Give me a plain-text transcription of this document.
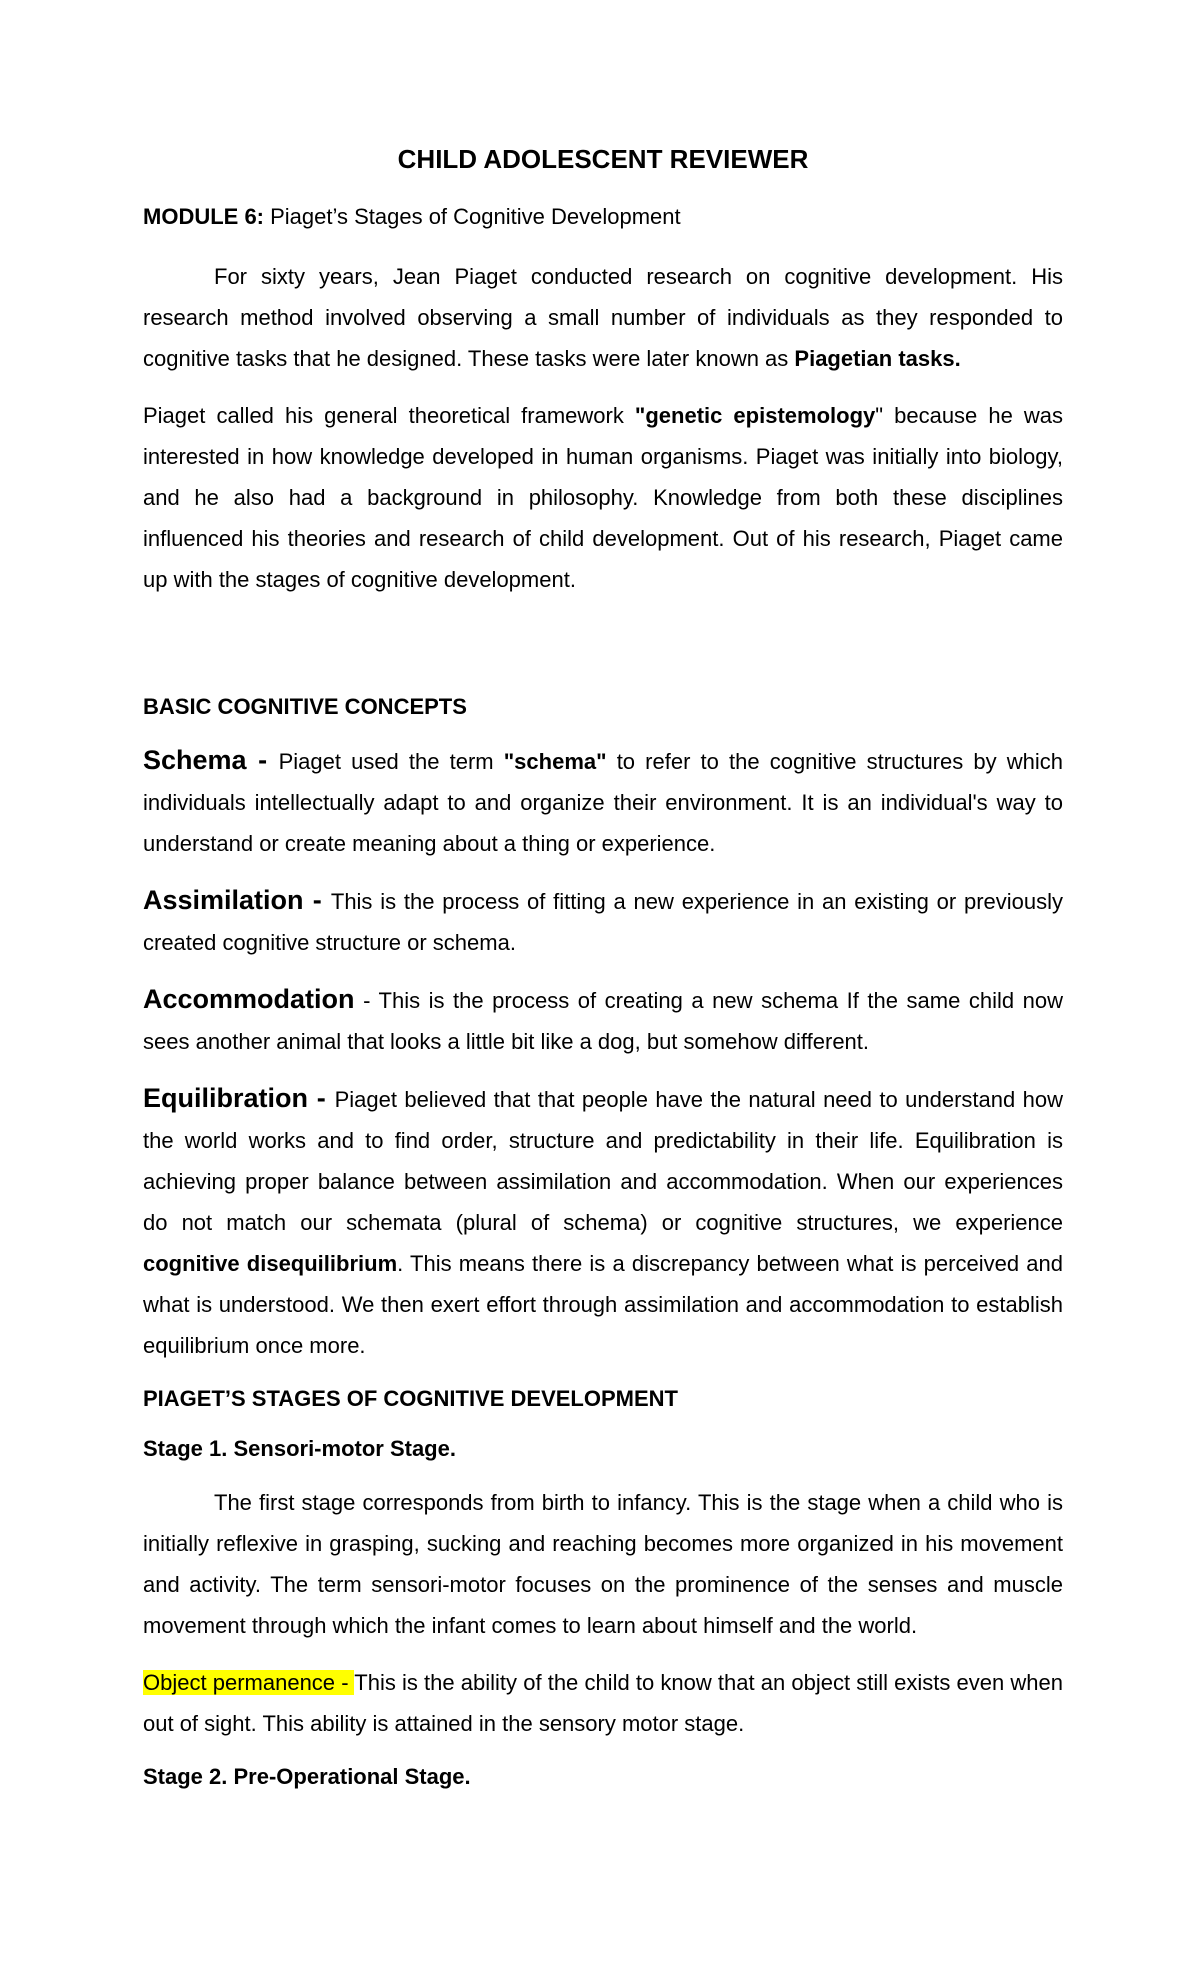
CHILD ADOLESCENT REVIEWER
MODULE 6: Piaget’s Stages of Cognitive Development

For sixty years, Jean Piaget conducted research on cognitive development. His research method involved observing a small number of individuals as they responded to cognitive tasks that he designed. These tasks were later known as Piagetian tasks.

Piaget called his general theoretical framework "genetic epistemology" because he was interested in how knowledge developed in human organisms. Piaget was initially into biology, and he also had a background in philosophy. Knowledge from both these disciplines influenced his theories and research of child development. Out of his research, Piaget came up with the stages of cognitive development.

BASIC COGNITIVE CONCEPTS

Schema - Piaget used the term "schema" to refer to the cognitive structures by which individuals intellectually adapt to and organize their environment. It is an individual's way to understand or create meaning about a thing or experience.

Assimilation - This is the process of fitting a new experience in an existing or previously created cognitive structure or schema.

Accommodation - This is the process of creating a new schema If the same child now sees another animal that looks a little bit like a dog, but somehow different.

Equilibration - Piaget believed that that people have the natural need to understand how the world works and to find order, structure and predictability in their life. Equilibration is achieving proper balance between assimilation and accommodation. When our experiences do not match our schemata (plural of schema) or cognitive structures, we experience cognitive disequilibrium. This means there is a discrepancy between what is perceived and what is understood. We then exert effort through assimilation and accommodation to establish equilibrium once more.

PIAGET’S STAGES OF COGNITIVE DEVELOPMENT
Stage 1. Sensori-motor Stage.

The first stage corresponds from birth to infancy. This is the stage when a child who is initially reflexive in grasping, sucking and reaching becomes more organized in his movement and activity. The term sensori-motor focuses on the prominence of the senses and muscle movement through which the infant comes to learn about himself and the world.

Object permanence - This is the ability of the child to know that an object still exists even when out of sight. This ability is attained in the sensory motor stage.

Stage 2. Pre-Operational Stage.
